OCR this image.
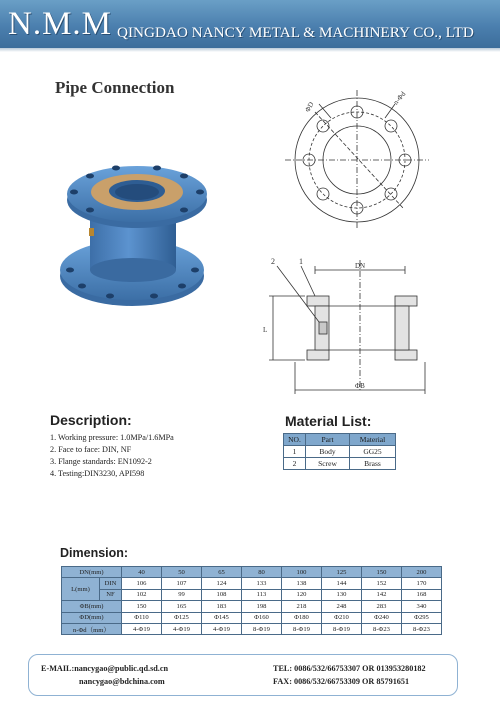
N.M.M QINGDAO NANCY METAL & MACHINERY CO., LTD
Pipe Connection
ΦD
n-Φd
DN
L
ΦB
2	1
Description:
1. Working pressure: 1.0MPa/1.6MPa
2. Face to face: DIN, NF
3. Flange standards: EN1092-2
4. Testing:DIN3230, API598
Material List:
NO.	Part	Material
1	Body	GG25
2	Screw	Brass
Dimension:
DN(mm)		40	50	65	80	100	125	150	200
L(mm)	DIN	106	107	124	133	138	144	152	170
	NF	102	99	108	113	120	130	142	168
ΦB(mm)		150	165	183	198	218	248	283	340
ΦD(mm)		Φ110	Φ125	Φ145	Φ160	Φ180	Φ210	Φ240	Φ295
n-Φd（mm）		4-Φ19	4-Φ19	4-Φ19	8-Φ19	8-Φ19	8-Φ19	8-Φ23	8-Φ23
E-MAIL:nancygao@public.qd.sd.cn
nancygao@bdchina.com
TEL: 0086/532/66753307 OR 013953280182
FAX: 0086/532/66753309 OR 85791651
